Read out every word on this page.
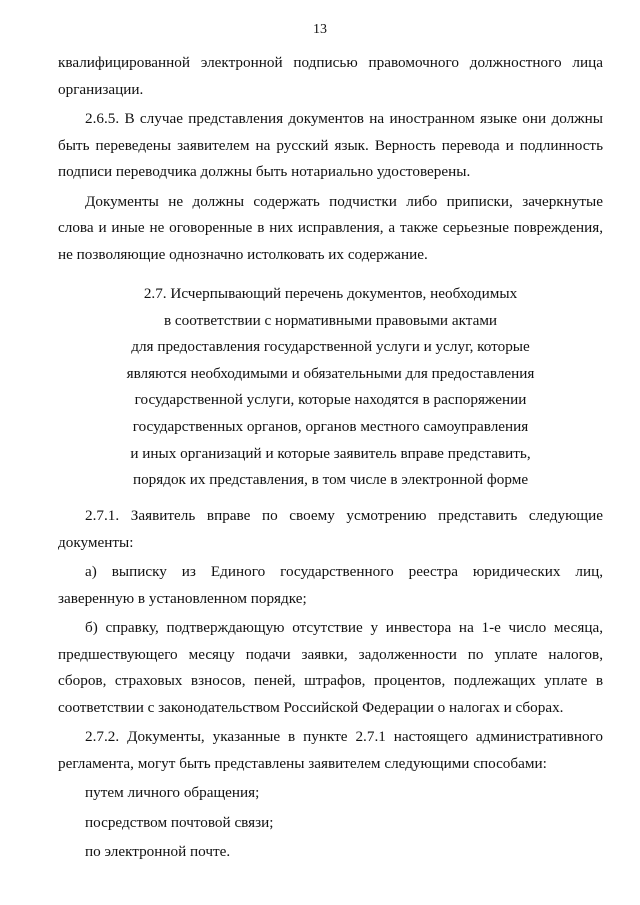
13

квалифицированной электронной подписью правомочного должностного лица

организации.

2.6.5. В случае представления документов на иностранном языке они должны быть переведены заявителем на русский язык. Верность перевода и подлинность подписи переводчика должны быть нотариально удостоверены.

Документы не должны содержать подчистки либо приписки, зачеркнутые слова и иные не оговоренные в них исправления, а также серьезные повреждения, не позволяющие однозначно истолковать их содержание.

2.7. Исчерпывающий перечень документов, необходимых
в соответствии с нормативными правовыми актами
для предоставления государственной услуги и услуг, которые
являются необходимыми и обязательными для предоставления
государственной услуги, которые находятся в распоряжении
государственных органов, органов местного самоуправления
и иных организаций и которые заявитель вправе представить,
порядок их представления, в том числе в электронной форме

2.7.1. Заявитель вправе по своему усмотрению представить следующие документы:

а) выписку из Единого государственного реестра юридических лиц, заверенную в установленном порядке;

б) справку, подтверждающую отсутствие у инвестора на 1-е число месяца, предшествующего месяцу подачи заявки, задолженности по уплате налогов, сборов, страховых взносов, пеней, штрафов, процентов, подлежащих уплате в соответствии с законодательством Российской Федерации о налогах и сборах.

2.7.2. Документы, указанные в пункте 2.7.1 настоящего административного регламента, могут быть представлены заявителем следующими способами:

путем личного обращения;

посредством почтовой связи;

по электронной почте.
